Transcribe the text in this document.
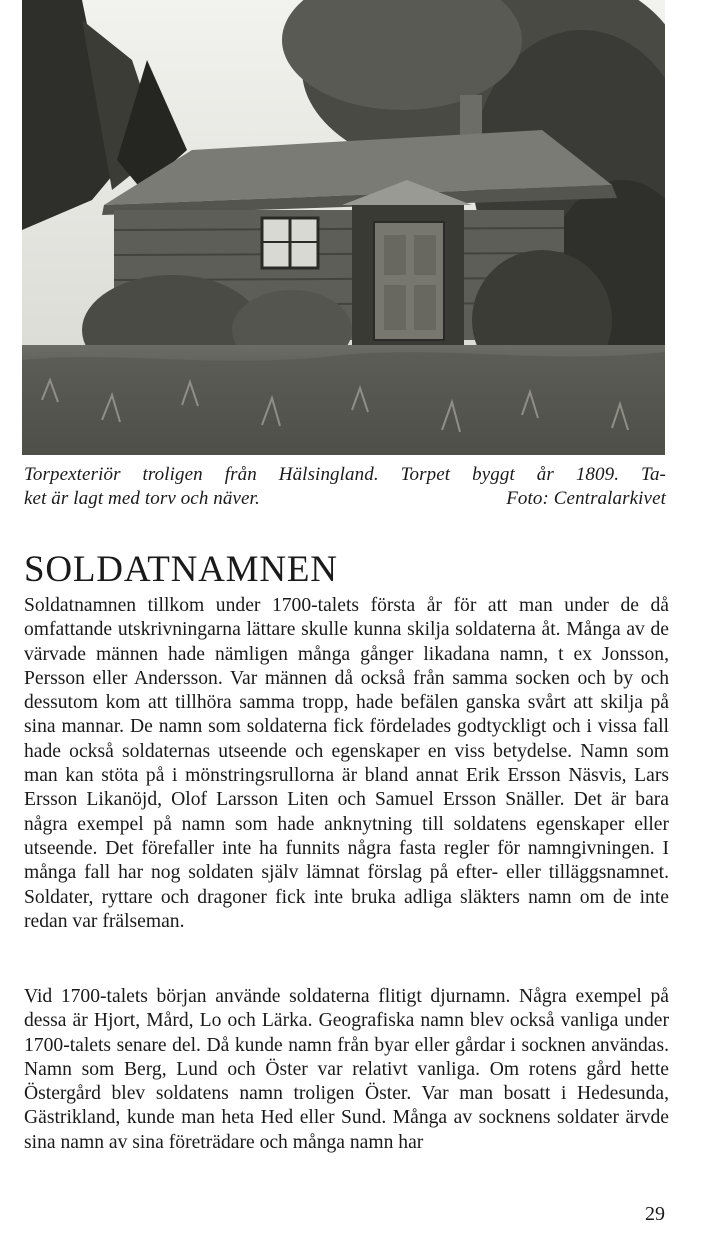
Torpexteriör troligen från Hälsingland. Torpet byggt år 1809. Ta-

ket är lagt med torv och näver.	Foto: Centralarkivet

SOLDATNAMNEN

Soldatnamnen tillkom under 1700-talets första år för att man under de då omfattande utskrivningarna lättare skulle kunna skilja soldaterna åt. Många av de värvade männen hade nämligen många gånger likadana namn, t ex Jonsson, Persson eller Andersson. Var männen då också från samma socken och by och dessutom kom att tillhöra samma tropp, hade befälen ganska svårt att skilja på sina mannar. De namn som soldaterna fick fördelades godtyckligt och i vissa fall hade också soldaternas utseende och egenskaper en viss betydelse. Namn som man kan stöta på i mönstringsrullorna är bland annat Erik Ersson Näsvis, Lars Ersson Likanöjd, Olof Larsson Liten och Samuel Ersson Snäller. Det är bara några exempel på namn som hade anknytning till soldatens egenskaper eller utseende. Det förefaller inte ha funnits några fasta regler för namngivningen. I många fall har nog soldaten själv lämnat förslag på efter- eller tilläggsnamnet. Soldater, ryttare och dragoner fick inte bruka adliga släkters namn om de inte redan var frälseman.

Vid 1700-talets början använde soldaterna flitigt djurnamn. Några exempel på dessa är Hjort, Mård, Lo och Lärka. Geografiska namn blev också vanliga under 1700-talets senare del. Då kunde namn från byar eller gårdar i socknen användas. Namn som Berg, Lund och Öster var relativt vanliga. Om rotens gård hette Östergård blev soldatens namn troligen Öster. Var man bosatt i Hedesunda, Gästrikland, kunde man heta Hed eller Sund. Många av socknens soldater ärvde sina namn av sina företrädare och många namn har

29
